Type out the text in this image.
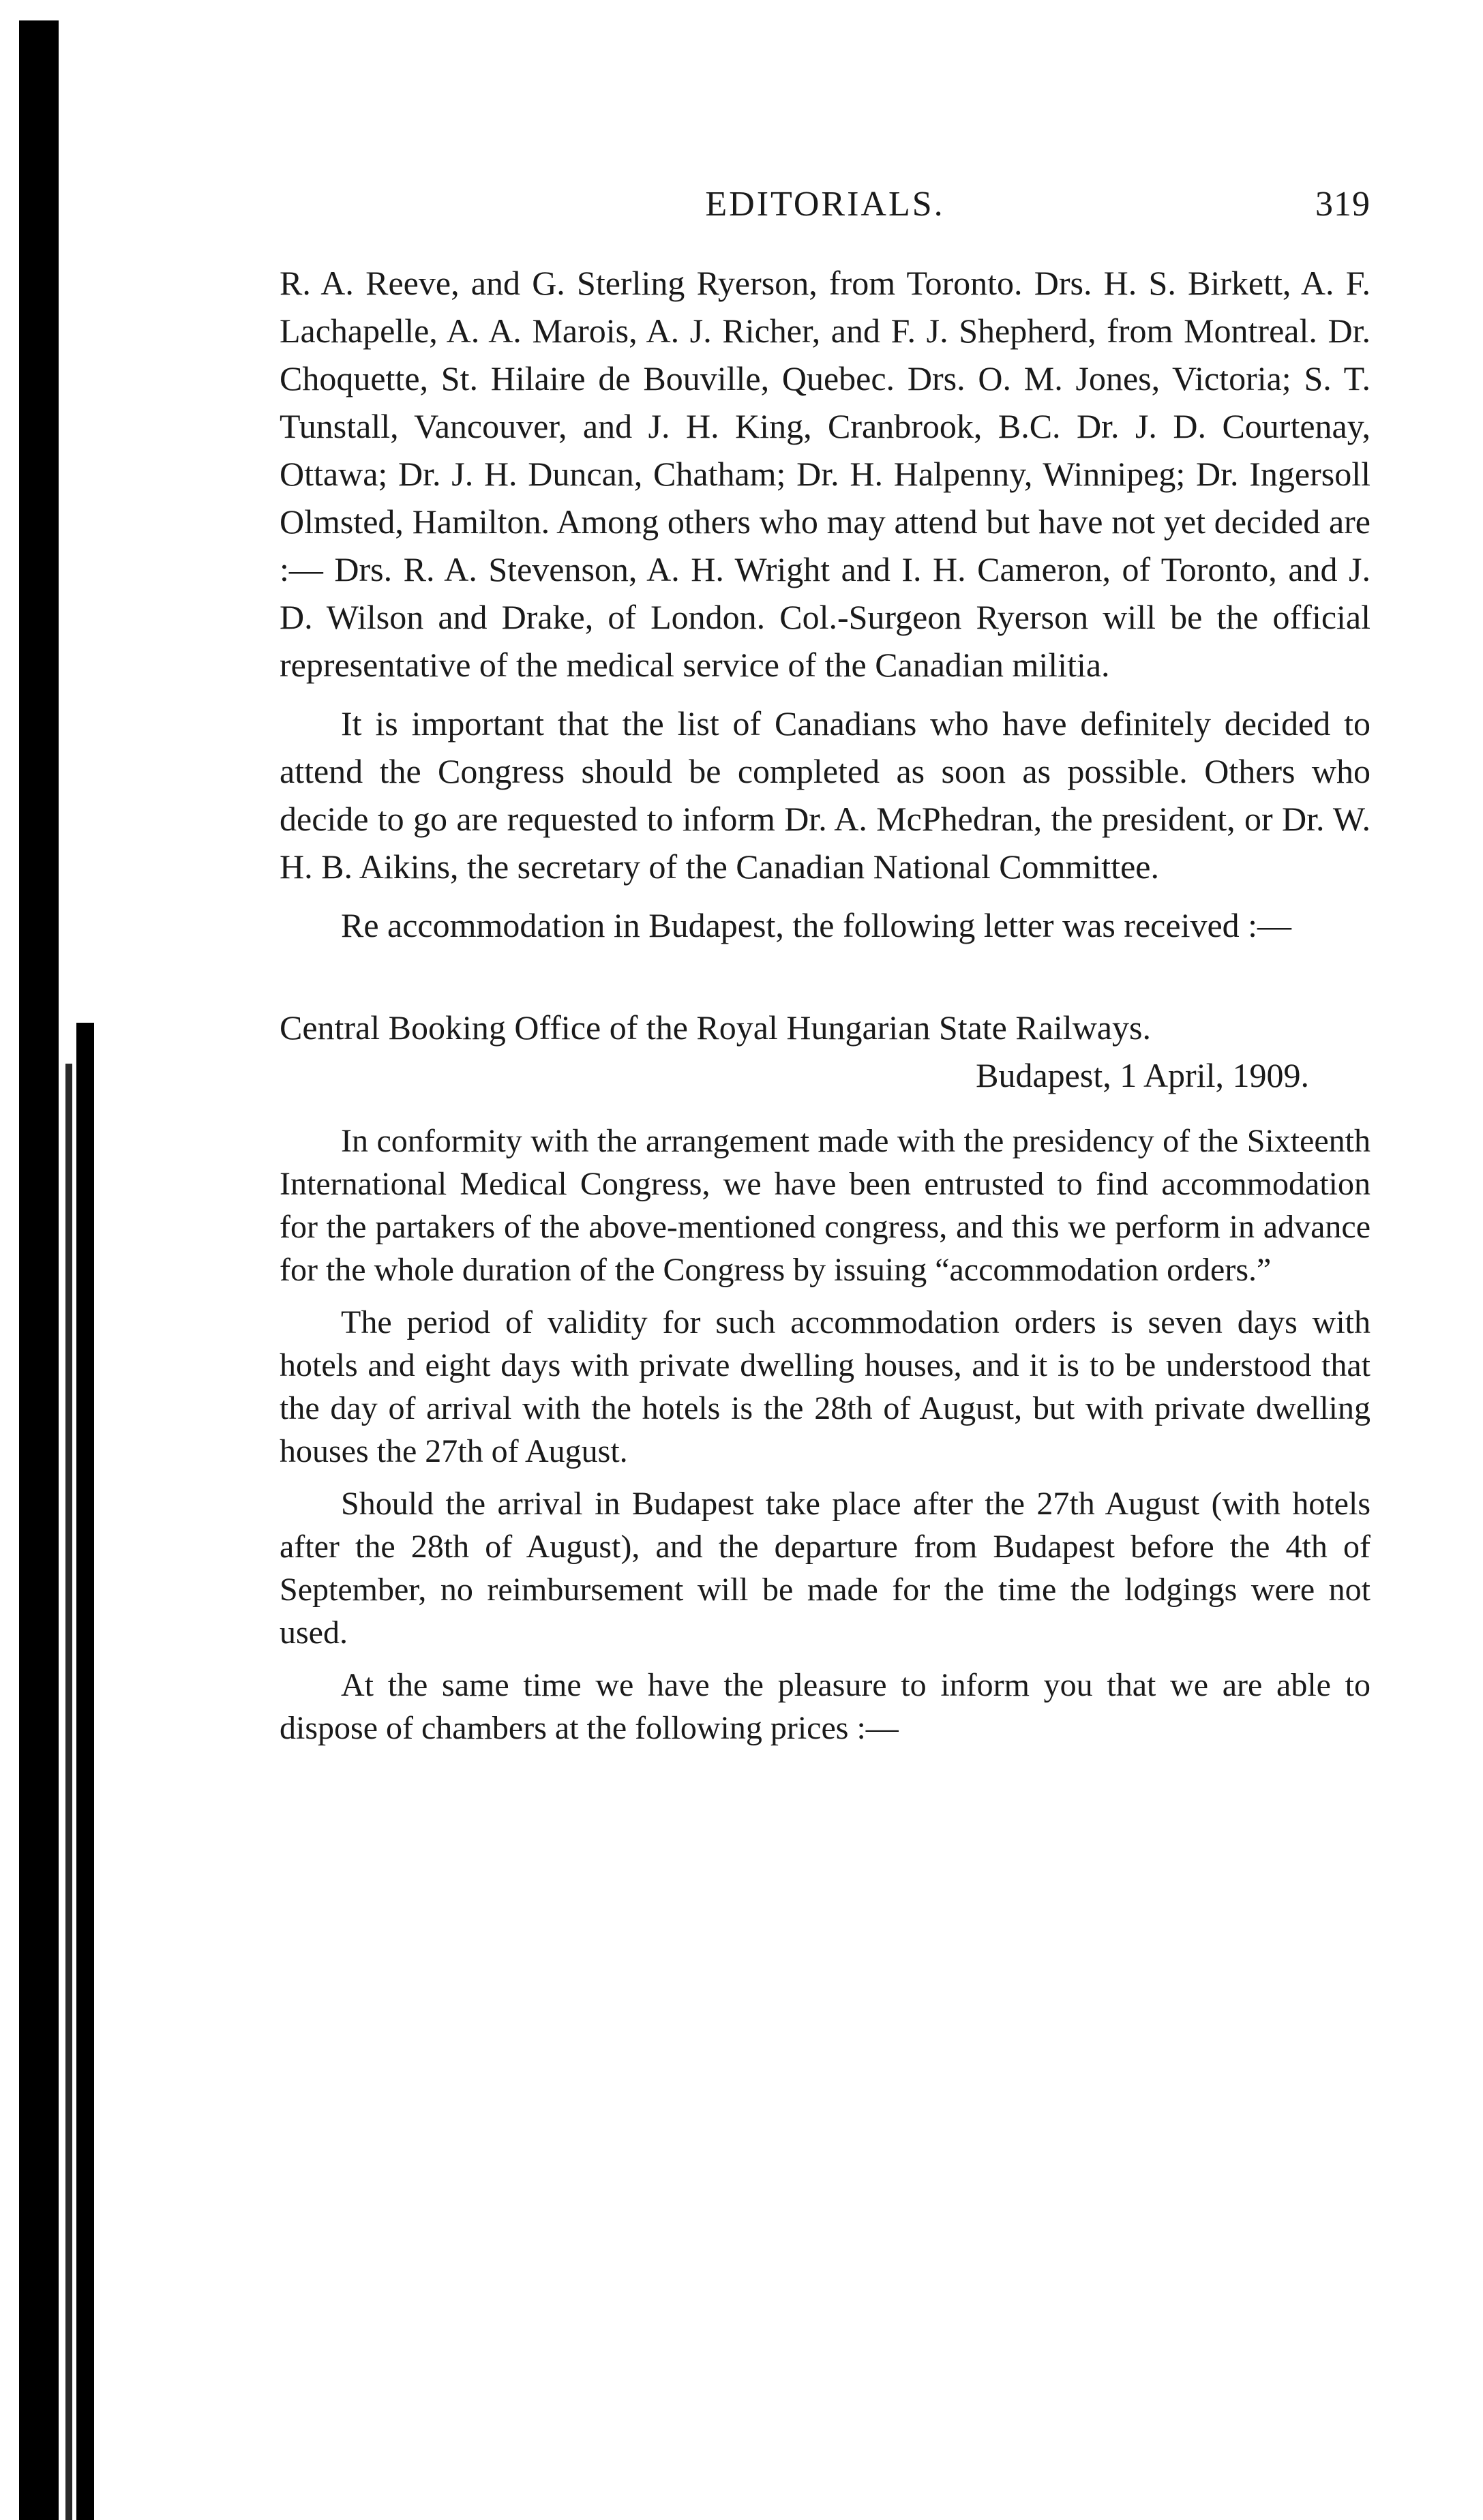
EDITORIALS.	319

R. A. Reeve, and G. Sterling Ryerson, from Toronto. Drs. H. S. Birkett, A. F. Lachapelle, A. A. Marois, A. J. Richer, and F. J. Shepherd, from Montreal. Dr. Choquette, St. Hilaire de Bouville, Quebec. Drs. O. M. Jones, Victoria; S. T. Tunstall, Vancouver, and J. H. King, Cranbrook, B.C. Dr. J. D. Courtenay, Ottawa; Dr. J. H. Duncan, Chatham; Dr. H. Halpenny, Winnipeg; Dr. Ingersoll Olmsted, Hamilton. Among others who may attend but have not yet decided are :— Drs. R. A. Stevenson, A. H. Wright and I. H. Cameron, of Toronto, and J. D. Wilson and Drake, of London. Col.-Surgeon Ryerson will be the official representative of the medical service of the Canadian militia.

It is important that the list of Canadians who have definitely decided to attend the Congress should be completed as soon as possible. Others who decide to go are requested to inform Dr. A. McPhedran, the president, or Dr. W. H. B. Aikins, the secretary of the Canadian National Committee.

Re accommodation in Budapest, the following letter was received :—

Central Booking Office of the Royal Hungarian State Railways.

Budapest, 1 April, 1909.

In conformity with the arrangement made with the presidency of the Sixteenth International Medical Congress, we have been entrusted to find accommodation for the partakers of the above-mentioned congress, and this we perform in advance for the whole duration of the Congress by issuing “accommodation orders.”

The period of validity for such accommodation orders is seven days with hotels and eight days with private dwelling houses, and it is to be understood that the day of arrival with the hotels is the 28th of August, but with private dwelling houses the 27th of August.

Should the arrival in Budapest take place after the 27th August (with hotels after the 28th of August), and the departure from Budapest before the 4th of September, no reimbursement will be made for the time the lodgings were not used.

At the same time we have the pleasure to inform you that we are able to dispose of chambers at the following prices :—
